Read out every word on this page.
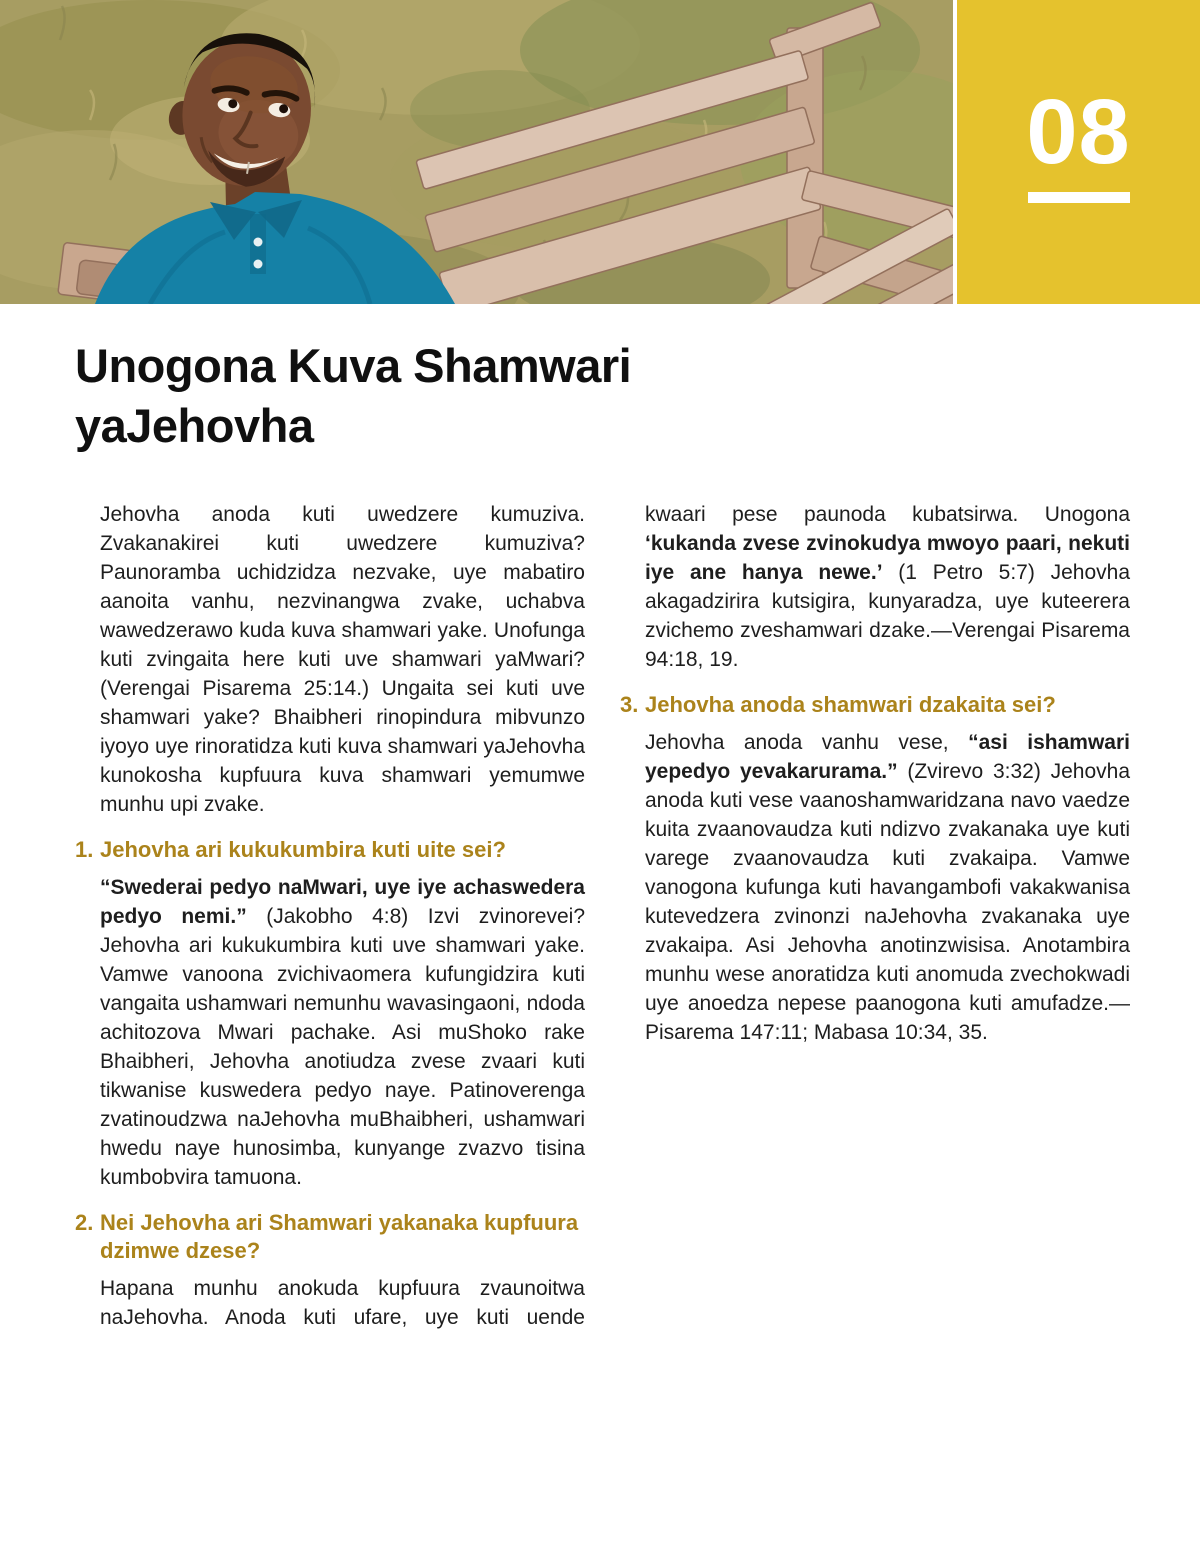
08
Unogona Kuva Shamwari yaJehovha

Jehovha anoda kuti uwedzere kumuziva. Zvakanakirei kuti uwedzere kumuziva? Paunoramba uchidzidza nezvake, uye mabatiro aanoita vanhu, nezvinangwa zvake, uchabva wawedzerawo kuda kuva shamwari yake. Unofunga kuti zvingaita here kuti uve shamwari yaMwari? (Verengai Pisarema 25:14.) Ungaita sei kuti uve shamwari yake? Bhaibheri rinopindura mibvunzo iyoyo uye rinoratidza kuti kuva shamwari yaJehovha kunokosha kupfuura kuva shamwari yemumwe munhu upi zvake.

1. Jehovha ari kukukumbira kuti uite sei?

“Swederai pedyo naMwari, uye iye achaswedera pedyo nemi.” (Jakobho 4:8) Izvi zvinorevei? Jehovha ari kukukumbira kuti uve shamwari yake. Vamwe vanoona zvichivaomera kufungidzira kuti vangaita ushamwari nemunhu wavasingaoni, ndoda achitozova Mwari pachake. Asi muShoko rake Bhaibheri, Jehovha anotiudza zvese zvaari kuti tikwanise kuswedera pedyo naye. Patinoverenga zvatinoudzwa naJehovha muBhaibheri, ushamwari hwedu naye hunosimba, kunyange zvazvo tisina kumbobvira tamuona.

2. Nei Jehovha ari Shamwari yakanaka kupfuura dzimwe dzese?

Hapana munhu anokuda kupfuura zvaunoitwa naJehovha. Anoda kuti ufare, uye kuti uende

kwaari pese paunoda kubatsirwa. Unogona ‘kukanda zvese zvinokudya mwoyo paari, nekuti iye ane hanya newe.’ (1 Petro 5:7) Jehovha akagadzirira kutsigira, kunyaradza, uye kuteerera zvichemo zveshamwari dzake.—Verengai Pisarema 94:18, 19.

3. Jehovha anoda shamwari dzakaita sei?

Jehovha anoda vanhu vese, “asi ishamwari yepedyo yevakarurama.” (Zvirevo 3:32) Jehovha anoda kuti vese vaanoshamwaridzana navo vaedze kuita zvaanovaudza kuti ndizvo zvakanaka uye kuti varege zvaanovaudza kuti zvakaipa. Vamwe vanogona kufunga kuti havangambofi vakakwanisa kutevedzera zvinonzi naJehovha zvakanaka uye zvakaipa. Asi Jehovha anotinzwisisa. Anotambira munhu wese anoratidza kuti anomuda zvechokwadi uye anoedza nepese paanogona kuti amufadze.—Pisarema 147:11; Mabasa 10:34, 35.
